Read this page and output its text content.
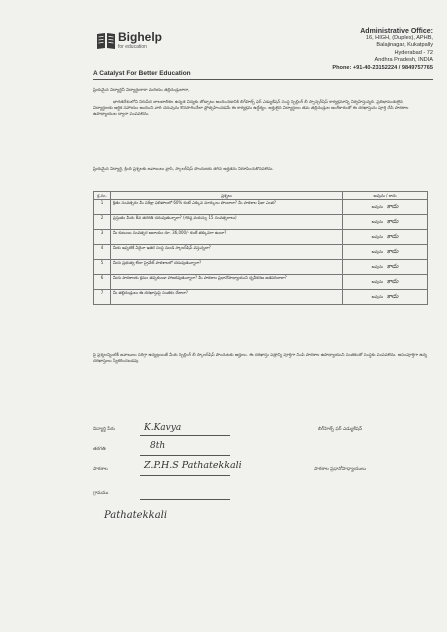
Bighelp
for education
A Catalyst For Better Education
Administrative Office:
16, HIGH, (Duplex), APHB,
Balajinagar, Kukatpally
Hyderabad - 72
Andhra Pradesh, INDIA
Phone: +91-40-23152224 / 9849757765
ప్రియమైన విద్యార్థినీ విద్యార్థులారా మరియు తల్లిదండ్రులారా,
భారతదేశంలోని నిరుపేద బాలబాలికల ఉన్నత విద్యకు తోడ్పాటు అందించడానికి బిగ్‌హెల్ప్ ఫర్ ఎడ్యుకేషన్ సంస్థ స్పెల్లింగ్ బీ స్పాన్సర్‌షిప్ కార్యక్రమాన్ని నిర్వహిస్తున్నది. ప్రతిభావంతులైన విద్యార్థులకు ఆర్థిక సహాయం అందించి వారి చదువును కొనసాగించేలా ప్రోత్సహించడమే ఈ కార్యక్రమ ఉద్దేశ్యం. అర్హులైన విద్యార్థులు తమ తల్లిదండ్రుల అంగీకారంతో ఈ దరఖాస్తును పూర్తి చేసి పాఠశాల ఉపాధ్యాయుల ద్వారా పంపవలెను.
ప్రియమైన విద్యార్థి, క్రింది ప్రశ్నలకు జవాబులు వ్రాసి, స్కాలర్‌షిప్ పొందుటకు తగిన అర్హతను నిరూపించుకొనవలెను.
క్ర.సం.	ప్రశ్నలు	అవును / కాదు
1	క్రితం సంవత్సరం మీ పరీక్షా ఫలితాలలో 60% కంటే ఎక్కువ మార్కులు పొందారా? మీ పాఠశాల ఫీజు ఎంత?	అవును కాదు
2	ప్రస్తుతం మీరు 8వ తరగతి చదువుతున్నారా? (గరిష్ఠ వయస్సు 15 సంవత్సరాలు)	అవును కాదు
3	మీ కుటుంబ సంవత్సర ఆదాయం రూ. 36,000/- కంటే తక్కువగా ఉందా?	అవును కాదు
4	మీకు ఇప్పటికే ఏదైనా ఇతర సంస్థ నుండి స్కాలర్‌షిప్ వస్తున్నదా?	అవును కాదు
5	మీరు ప్రభుత్వ లేదా ప్రైవేట్ పాఠశాలలో చదువుతున్నారా?	అవును కాదు
6	మీరు పాఠశాలకు క్రమం తప్పకుండా హాజరవుతున్నారా? మీ పాఠశాల ప్రధానోపాధ్యాయుని ధృవీకరణ జతపరిచారా?	అవును కాదు
7	మీ తల్లిదండ్రులు ఈ దరఖాస్తుపై సంతకం చేశారా?	అవును కాదు
పై ప్రశ్నలన్నింటికీ జవాబులు సరిగ్గా ఉన్నట్లయితే మీరు స్పెల్లింగ్ బీ స్కాలర్‌షిప్ పొందుటకు అర్హులు. ఈ దరఖాస్తు పత్రాన్ని పూర్తిగా నింపి పాఠశాల ఉపాధ్యాయుని సంతకంతో సంస్థకు పంపవలెను. అసంపూర్తిగా ఉన్న దరఖాస్తులు స్వీకరించబడవు.
విద్యార్థి పేరు	K.Kavya	బిగ్‌హెల్ప్ ఫర్ ఎడ్యుకేషన్
తరగతి	8th
పాఠశాల	Z.P.H.S Pathatekkali	పాఠశాల ప్రధానోపాధ్యాయులు
గ్రామము
Pathatekkali
